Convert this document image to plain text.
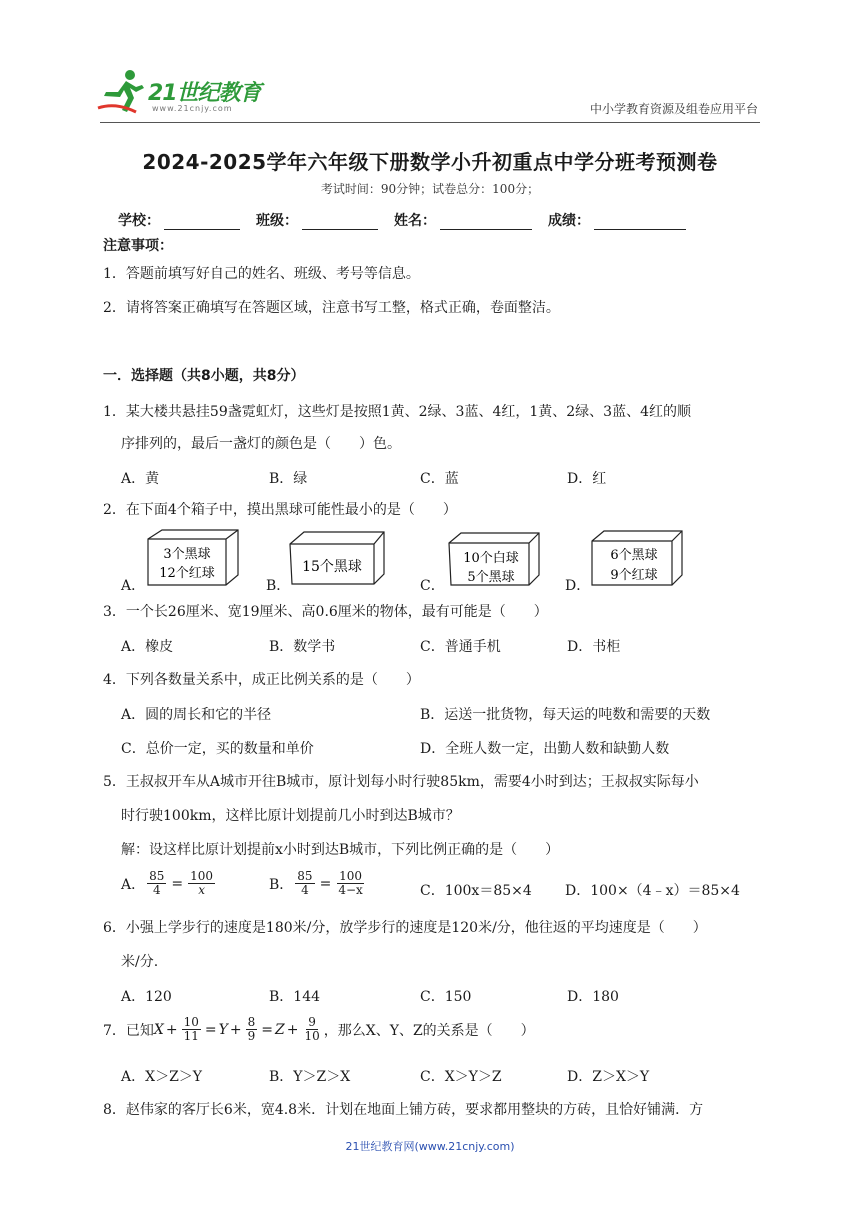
21世纪教育
www.21cnjy.com	中小学教育资源及组卷应用平台
2024-2025学年六年级下册数学小升初重点中学分班考预测卷
考试时间：90分钟；试卷总分：100分；
学校：	班级：	姓名：	成绩：
注意事项：
1．答题前填写好自己的姓名、班级、考号等信息。
2．请将答案正确填写在答题区域，注意书写工整，格式正确，卷面整洁。
一．选择题（共8小题，共8分）
1．某大楼共悬挂59盏霓虹灯，这些灯是按照1黄、2绿、3蓝、4红，1黄、2绿、3蓝、4红的顺
序排列的，最后一盏灯的颜色是（　　）色。
A．黄	B．绿	C．蓝	D．红
2．在下面4个箱子中，摸出黑球可能性最小的是（　　）
A．
3个黑球
12个红球
B．
15个黑球
C．
10个白球
5个黑球
D．
6个黑球
9个红球
3．一个长26厘米、宽19厘米、高0.6厘米的物体，最有可能是（　　）
A．橡皮	B．数学书	C．普通手机	D．书柜
4．下列各数量关系中，成正比例关系的是（　　）
A．圆的周长和它的半径	B．运送一批货物，每天运的吨数和需要的天数
C．总价一定，买的数量和单价	D．全班人数一定，出勤人数和缺勤人数
5．王叔叔开车从A城市开往B城市，原计划每小时行驶85km，需要4小时到达；王叔叔实际每小
时行驶100km，这样比原计划提前几小时到达B城市？
解：设这样比原计划提前x小时到达B城市，下列比例正确的是（　　）
A． $\frac{85}{4} = \frac{100}{x}$	B． $\frac{85}{4} = \frac{100}{4-x}$	C．100x＝85×4 D．100×（4﹣x）＝85×4
6．小强上学步行的速度是180米/分，放学步行的速度是120米/分，他往返的平均速度是（　　）
米/分.
A．120	B．144	C．150	D．180
7．已知 $X + \frac{10}{11} = Y + \frac{8}{9} = Z + \frac{9}{10}$ ，那么X、Y、Z的关系是（　　）
A．X＞Z＞Y	B．Y＞Z＞X	C．X＞Y＞Z	D．Z＞X＞Y
8．赵伟家的客厅长6米，宽4.8米．计划在地面上铺方砖，要求都用整块的方砖，且恰好铺满．方
21世纪教育网(www.21cnjy.com)
